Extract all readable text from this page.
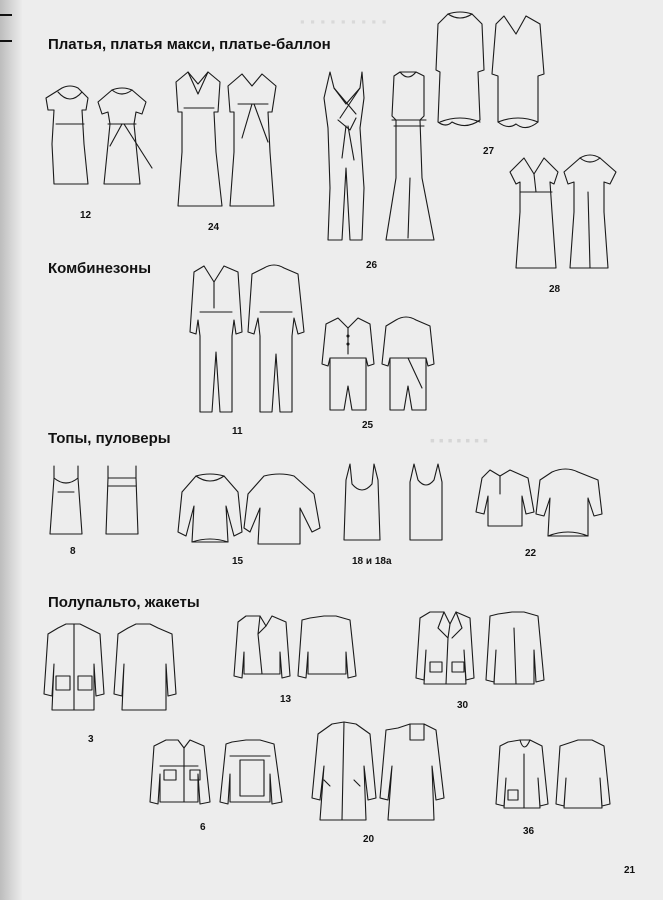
▪ ▪ ▪ ▪ ▪ ▪ ▪ ▪ ▪
▪ ▪ ▪ ▪ ▪ ▪ ▪
Платья, платья макси, платье-баллон
Комбинезоны
Топы, пуловеры
Полупальто, жакеты
12
24
26
27
28
11
25
8
15	18 и 18а
22
3
13
30
6
20
36
21
